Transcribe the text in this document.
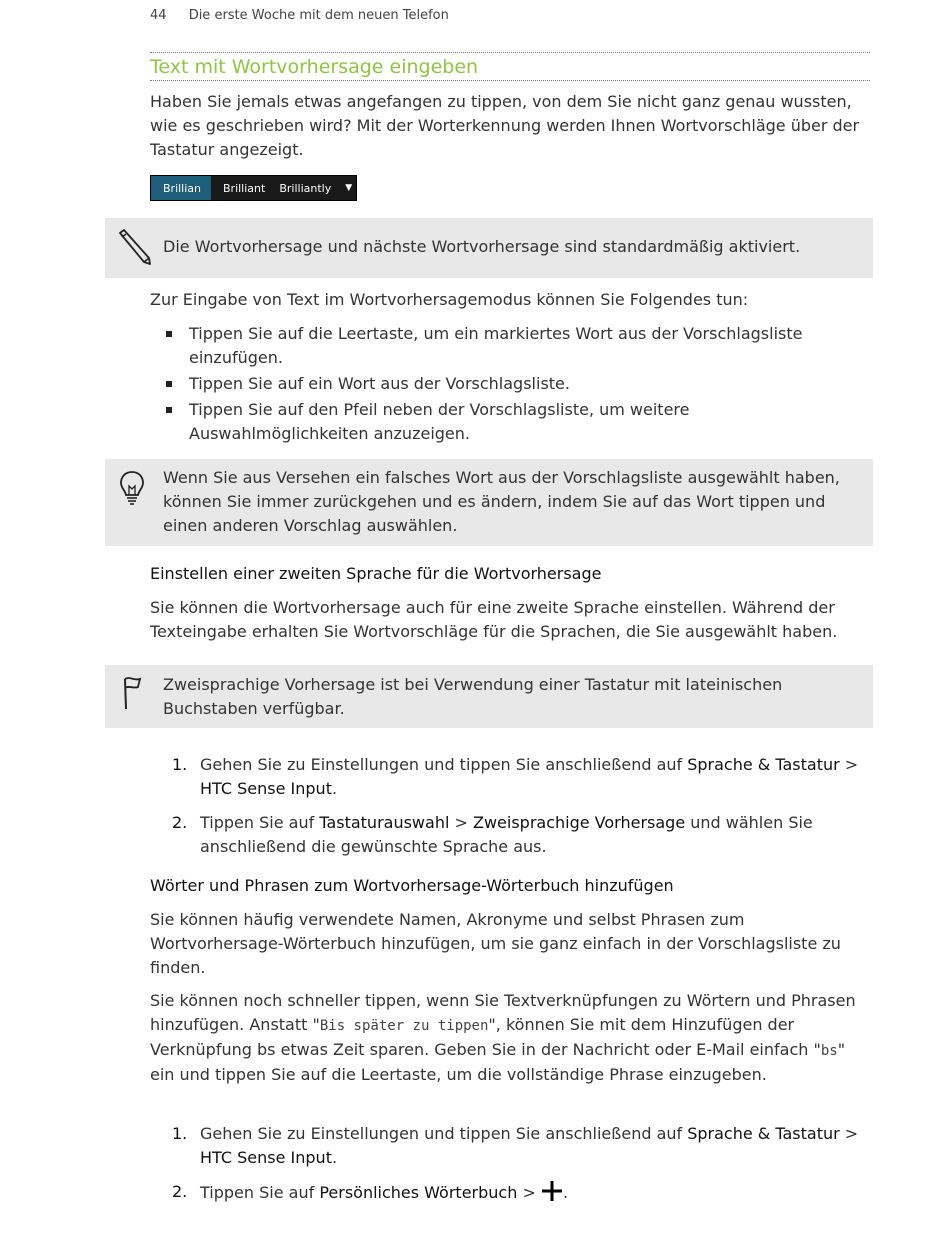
44 Die erste Woche mit dem neuen Telefon
Text mit Wortvorhersage eingeben
Haben Sie jemals etwas angefangen zu tippen, von dem Sie nicht ganz genau wussten, wie es geschrieben wird? Mit der Worterkennung werden Ihnen Wortvorschläge über der Tastatur angezeigt.
Brillian	Brilliant	Brilliantly	▼
Die Wortvorhersage und nächste Wortvorhersage sind standardmäßig aktiviert.
Zur Eingabe von Text im Wortvorhersagemodus können Sie Folgendes tun:
Tippen Sie auf die Leertaste, um ein markiertes Wort aus der Vorschlagsliste einzufügen.
Tippen Sie auf ein Wort aus der Vorschlagsliste.
Tippen Sie auf den Pfeil neben der Vorschlagsliste, um weitere Auswahlmöglichkeiten anzuzeigen.
Wenn Sie aus Versehen ein falsches Wort aus der Vorschlagsliste ausgewählt haben, können Sie immer zurückgehen und es ändern, indem Sie auf das Wort tippen und einen anderen Vorschlag auswählen.
Einstellen einer zweiten Sprache für die Wortvorhersage
Sie können die Wortvorhersage auch für eine zweite Sprache einstellen. Während der Texteingabe erhalten Sie Wortvorschläge für die Sprachen, die Sie ausgewählt haben.
Zweisprachige Vorhersage ist bei Verwendung einer Tastatur mit lateinischen Buchstaben verfügbar.
1. Gehen Sie zu Einstellungen und tippen Sie anschließend auf Sprache & Tastatur > HTC Sense Input.
2. Tippen Sie auf Tastaturauswahl > Zweisprachige Vorhersage und wählen Sie anschließend die gewünschte Sprache aus.
Wörter und Phrasen zum Wortvorhersage-Wörterbuch hinzufügen
Sie können häufig verwendete Namen, Akronyme und selbst Phrasen zum Wortvorhersage-Wörterbuch hinzufügen, um sie ganz einfach in der Vorschlagsliste zu finden.
Sie können noch schneller tippen, wenn Sie Textverknüpfungen zu Wörtern und Phrasen hinzufügen. Anstatt "Bis später zu tippen", können Sie mit dem Hinzufügen der Verknüpfung bs etwas Zeit sparen. Geben Sie in der Nachricht oder E-Mail einfach "bs" ein und tippen Sie auf die Leertaste, um die vollständige Phrase einzugeben.
1. Gehen Sie zu Einstellungen und tippen Sie anschließend auf Sprache & Tastatur > HTC Sense Input.
2. Tippen Sie auf Persönliches Wörterbuch > .
